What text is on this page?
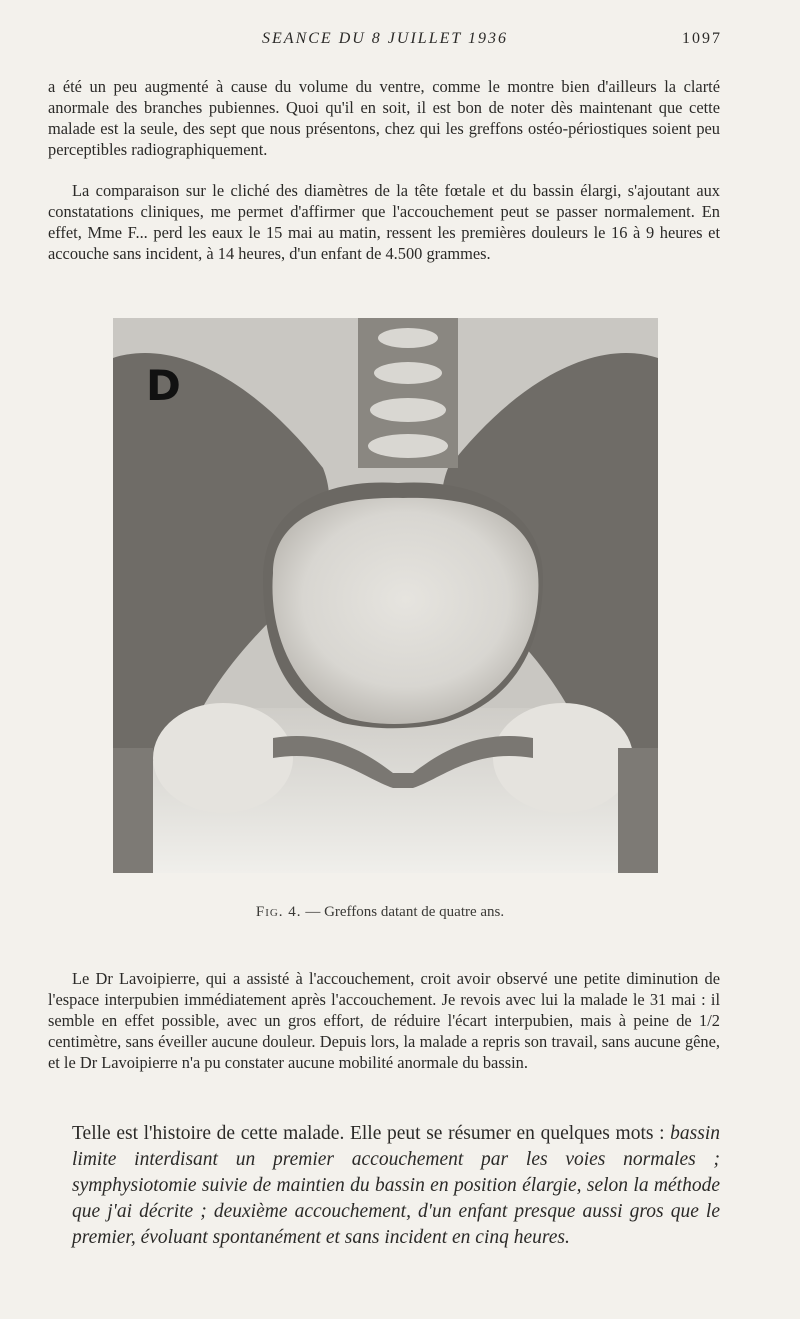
SEANCE DU 8 JUILLET 1936	1097

a été un peu augmenté à cause du volume du ventre, comme le montre bien d'ailleurs la clarté anormale des branches pubiennes. Quoi qu'il en soit, il est bon de noter dès maintenant que cette malade est la seule, des sept que nous présentons, chez qui les greffons ostéo-périostiques soient peu perceptibles radiographiquement.

La comparaison sur le cliché des diamètres de la tête fœtale et du bassin élargi, s'ajoutant aux constatations cliniques, me permet d'affirmer que l'accouchement peut se passer normalement. En effet, Mme F... perd les eaux le 15 mai au matin, ressent les premières douleurs le 16 à 9 heures et accouche sans incident, à 14 heures, d'un enfant de 4.500 grammes.

D
Fig. 4. — Greffons datant de quatre ans.

Le Dr Lavoipierre, qui a assisté à l'accouchement, croit avoir observé une petite diminution de l'espace interpubien immédiatement après l'accouchement. Je revois avec lui la malade le 31 mai : il semble en effet possible, avec un gros effort, de réduire l'écart interpubien, mais à peine de 1/2 centimètre, sans éveiller aucune douleur. Depuis lors, la malade a repris son travail, sans aucune gêne, et le Dr Lavoipierre n'a pu constater aucune mobilité anormale du bassin.

Telle est l'histoire de cette malade. Elle peut se résumer en quelques mots : bassin limite interdisant un premier accouchement par les voies normales ; symphysiotomie suivie de maintien du bassin en position élargie, selon la méthode que j'ai décrite ; deuxième accouchement, d'un enfant presque aussi gros que le premier, évoluant spontanément et sans incident en cinq heures.
